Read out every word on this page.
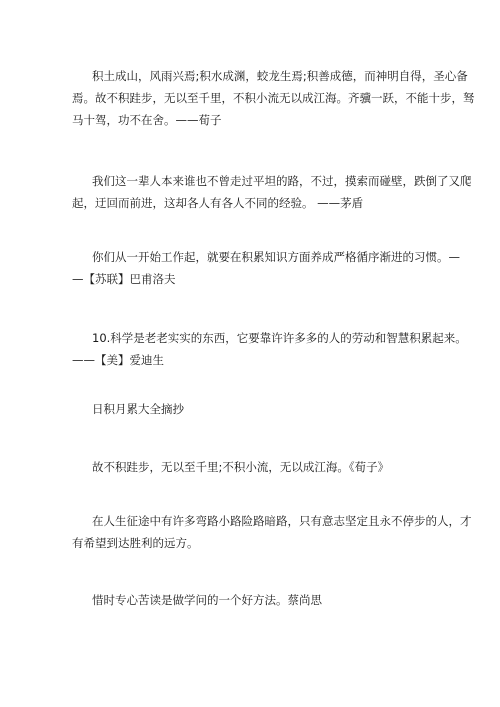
积土成山，风雨兴焉;积水成渊，蛟龙生焉;积善成德，而神明自得，圣心备
焉。故不积跬步，无以至千里，不积小流无以成江海。齐骥一跃，不能十步，驽
马十驾，功不在舍。——荀子

我们这一辈人本来谁也不曾走过平坦的路，不过，摸索而碰壁，跌倒了又爬
起，迂回而前进，这却各人有各人不同的经验。 ——茅盾

你们从一开始工作起，就要在积累知识方面养成严格循序渐进的习惯。—
—【苏联】巴甫洛夫

10.科学是老老实实的东西，它要靠许许多多的人的劳动和智慧积累起来。
——【美】爱迪生

日积月累大全摘抄

故不积跬步，无以至千里;不积小流，无以成江海。《荀子》

在人生征途中有许多弯路小路险路暗路，只有意志坚定且永不停步的人，才
有希望到达胜利的远方。

惜时专心苦读是做学问的一个好方法。蔡尚思
